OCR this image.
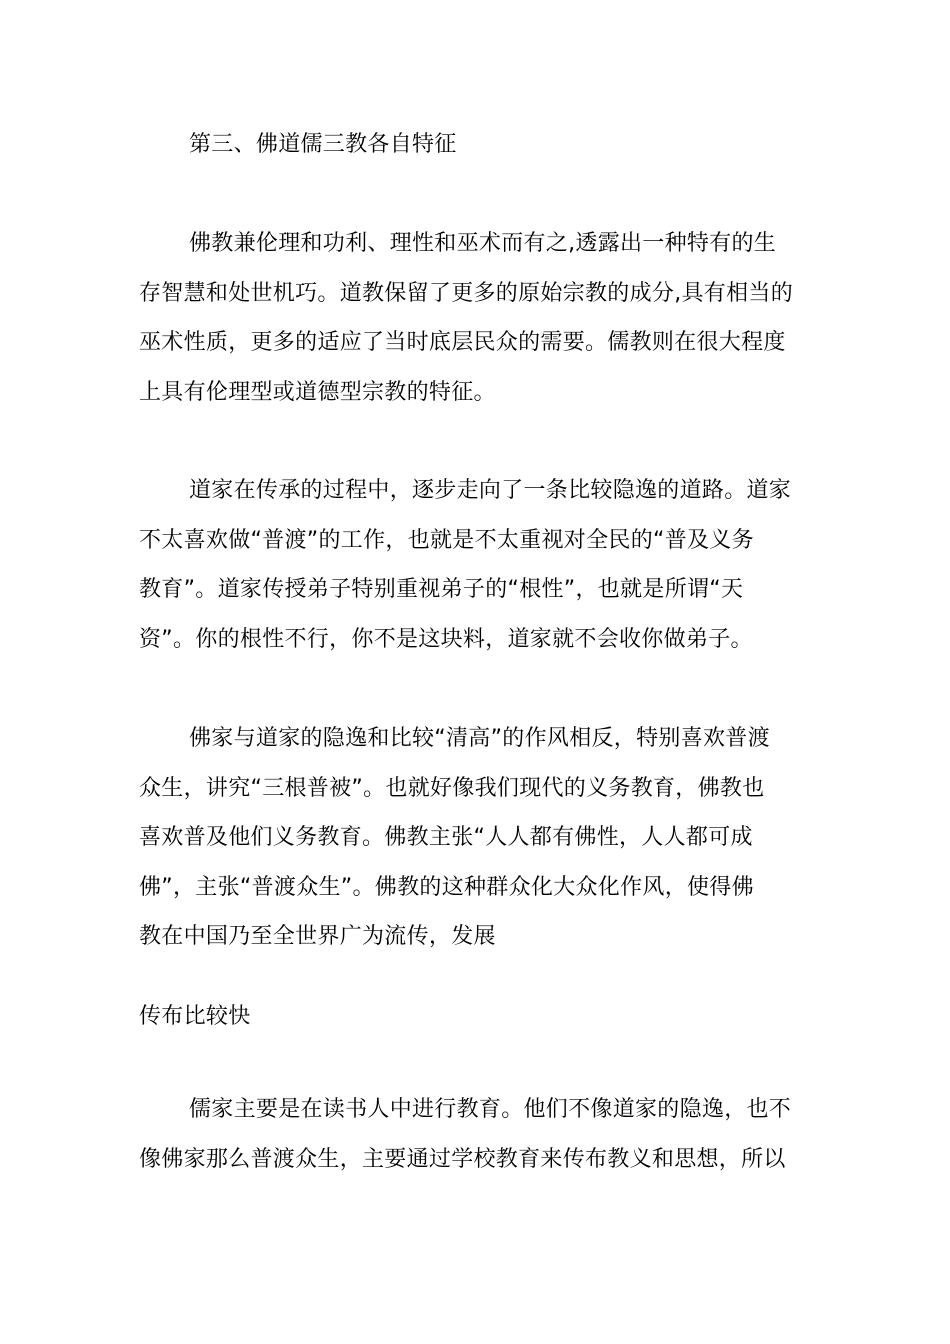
第三、佛道儒三教各自特征

佛教兼伦理和功利、理性和巫术而有之,透露出一种特有的生
存智慧和处世机巧。道教保留了更多的原始宗教的成分,具有相当的
巫术性质，更多的适应了当时底层民众的需要。儒教则在很大程度
上具有伦理型或道德型宗教的特征。

道家在传承的过程中，逐步走向了一条比较隐逸的道路。道家
不太喜欢做“普渡”的工作，也就是不太重视对全民的“普及义务
教育”。道家传授弟子特别重视弟子的“根性”，也就是所谓“天
资”。你的根性不行，你不是这块料，道家就不会收你做弟子。

佛家与道家的隐逸和比较“清高”的作风相反，特别喜欢普渡
众生，讲究“三根普被”。也就好像我们现代的义务教育，佛教也
喜欢普及他们义务教育。佛教主张“人人都有佛性，人人都可成
佛”，主张“普渡众生”。佛教的这种群众化大众化作风，使得佛
教在中国乃至全世界广为流传，发展

传布比较快

儒家主要是在读书人中进行教育。他们不像道家的隐逸，也不
像佛家那么普渡众生，主要通过学校教育来传布教义和思想，所以
